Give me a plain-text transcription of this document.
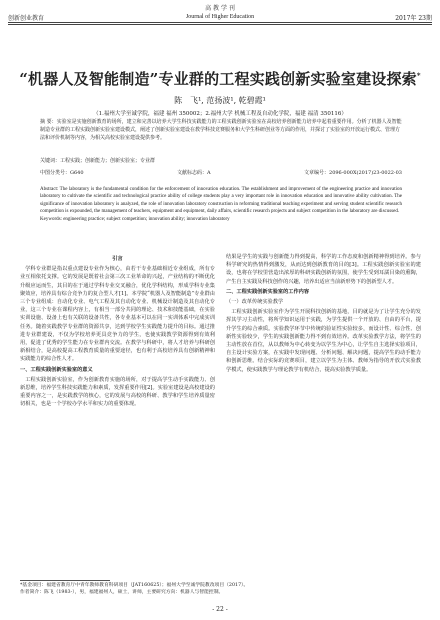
高 教 学 刊
Journal of Higher Education
创新创业教育	2017年 23期
“机器人及智能制造”专业群的工程实践创新实验室建设探索*
陈　飞¹, 范扬波¹, 乾碧霞¹
（1.福州大学至诚学院，福建 福州 350002；2.福州大学 机械工程及自动化学院，福建 福清 350116）
摘 要：实验室是实施创新教育的场所，建立和完善以培养大学生科技实践能力的工程实践创新实验室在高校培养创新能力培养中起着重要作用。分析了机器人及智能制造专业群的工程实践创新实验室建设模式，阐述了创新实验室建设在教学科技竞赛服务和大学生科研创业等方面的作用，并探讨了实验室的开放运行模式、管理方法和评价机制等内容，为相关高校实验室建设提供参考。
关键词：工程实践；创新能力；创新实验室；专业群
中图分类号：G640	文献标志码：A	文章编号：2096-000X(2017)23-0022-03
Abstract: The laboratory is the fundamental condition for the enforcement of innovation education. The establishment and improvement of the engineering practice and innovation laboratory to cultivate the scientific and technological practice ability of college students play a very important role in innovation education and innovative ability cultivation. The significance of innovation laboratory is analyzed, the role of innovation laboratory construction in reforming traditional teaching experiment and serving student scientific research competition is expounded, the management of teachers, equipment and equipment, daily affairs, scientific research projects and subject competition in the laboratory are discussed.
Keywords: engineering practice; subject competition; innovation ability; innovation laboratory

引言

学科专业群是指以重点建设专业作为核心，由若干专业基础相近专业组成，所有专业互相依托支撑。它的发展是既着社会第三次工业革命的兴起，产业结构的不断优化升级应运而生，其目的在于通过学科专业交叉融合，优化学科结构，形成学科专业集聚效应，培养具有综合竞争力的复合型人才[1]。本学院“机器人及智能制造”专业群由三个专业组成：自动化专业、电气工程及其自动化专业、机械设计制造及其自动化专业，这三个专业在课程内容上，有相当一部分共同的理论、技术和技能基础，在实验实训设施、设备上也有关联的设备共性，各专业基本可以在同一实训体系中完成实训任务。随着实践教学专业群的资源共享，达到学校学生实践能力提升的目标。通过推进专业群建设，不仅为学校培养更具竞争力的学生，也使实践教学资源得到有效利用，促进了优秀的学生能力在专业群内交流。在教学与科研中，将人才培养与科研创新相结合，是高校提高工程教育质量的重要途径，也有利于高校培养具有创新精神和实践能力的综合性人才。

一、工程实践创新实验室的意义

工程实践创新实验室，作为创新教育实施的场所，对于提高学生动手实践能力、创新思维，培养学生科技实践能力和素质，发挥重要作用[2]。实验室建设是高校建设的重要内容之一，是实践教学的核心，它的发展与高校的科研、教学和学生培养质量密切相关，也是一个学校办学水平和实力的重要体现。

结果是学生的实践与创新能力得到提高，科学的工作态度和创新精神得到培养。参与科学研究的热情得到激发，从而达到创新教育的目的[3]。工程实践创新实验室的建设，也将在学校里营造出浓厚的科研实践创新的氛围，使学生受到耳濡目染的熏陶，产生自主实践及科技创作的兴趣，培养出适应当前新形势下的创新型人才。

二、工程实践创新实验室的工作内容

（一）改革传统实验教学

工程实践创新实验室作为学生开展科技创新的基地，目的就是为了让学生充分的发挥其学习主动性，将所学知识运用于实践，为学生提供一个开放的、自由的平台，提升学生的综合素质。实验教学环节中传统的验证性实验较多，而设计性、综合性、创新性实验较少，学生的实践创新能力得不到有效培养。改革实验教学方法，将学生的主动性放在首位，从以教师为中心转变为以学生为中心，让学生自主选择实验项目，自主设计实验方案，在实践中发现问题、分析问题、解决问题，提高学生的动手能力和创新思维。结合实际的竞赛项目，建立以学生为主体、教师为指导的开放式实验教学模式，使实践教学与理论教学有机结合，提高实验教学质量。

*基金项目：福建省教育厅中青年教师教育科研项目（JAT160625）；福州大学至诚学院教改项目（2017）。
作者简介：陈飞（1983-），男，福建福州人，硕士，讲师，主要研究方向：机器人与智能控制。
- 22 -
